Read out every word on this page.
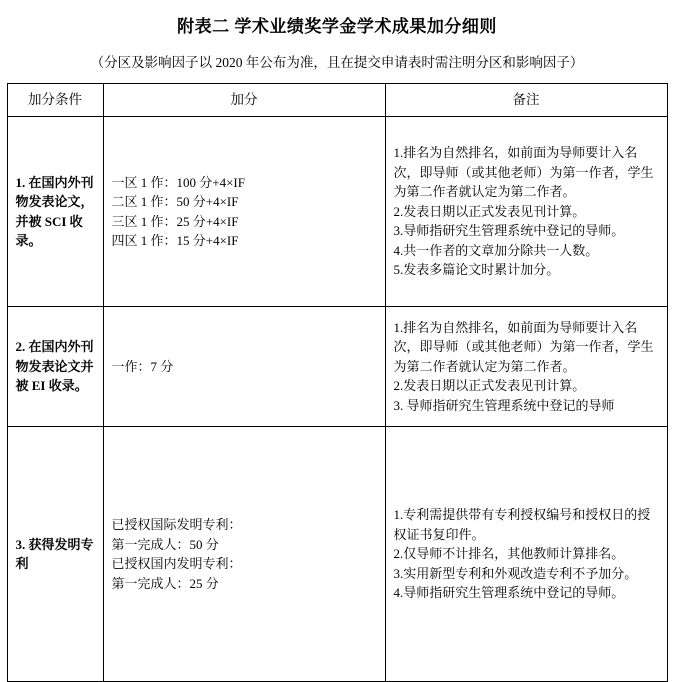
附表二 学术业绩奖学金学术成果加分细则
（分区及影响因子以 2020 年公布为准，且在提交申请表时需注明分区和影响因子）
加分条件	加分	备注
1. 在国内外刊物发表论文，并被 SCI 收录。	一区 1 作：100 分+4×IF
二区 1 作：50 分+4×IF
三区 1 作：25 分+4×IF
四区 1 作：15 分+4×IF	1.排名为自然排名，如前面为导师要计入名次，即导师（或其他老师）为第一作者，学生为第二作者就认定为第二作者。
2.发表日期以正式发表见刊计算。
3.导师指研究生管理系统中登记的导师。
4.共一作者的文章加分除共一人数。
5.发表多篇论文时累计加分。

2. 在国内外刊物发表论文并被 EI 收录。	一作：7 分	1.排名为自然排名，如前面为导师要计入名次，即导师（或其他老师）为第一作者，学生为第二作者就认定为第二作者。
2.发表日期以正式发表见刊计算。
3. 导师指研究生管理系统中登记的导师

3. 获得发明专利	已授权国际发明专利：
第一完成人：50 分
已授权国内发明专利：
第一完成人：25 分	1.专利需提供带有专利授权编号和授权日的授权证书复印件。
2.仅导师不计排名，其他教师计算排名。
3.实用新型专利和外观改造专利不予加分。
4.导师指研究生管理系统中登记的导师。
